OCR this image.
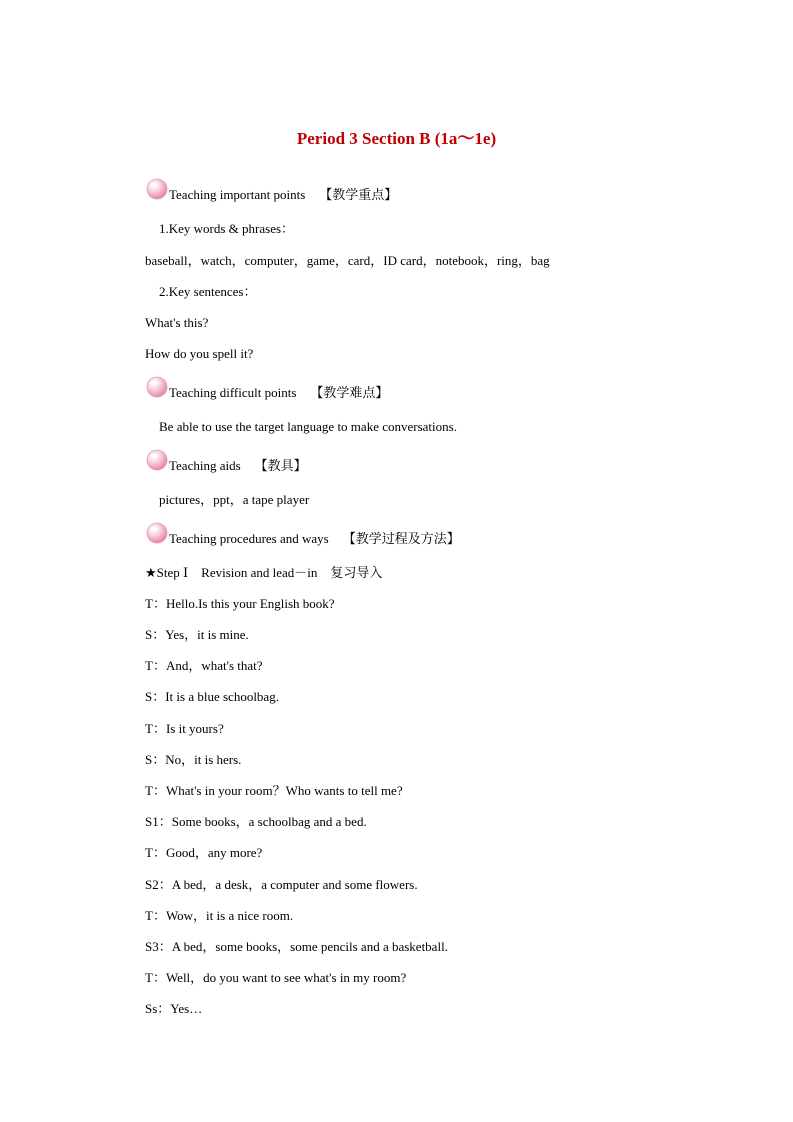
Period 3 Section B (1a～1e)
Teaching important points 【教学重点】
1.Key words & phrases：
baseball，watch，computer，game，card，ID card，notebook，ring，bag
2.Key sentences：
What's this?
How do you spell it?
Teaching difficult points 【教学难点】
Be able to use the target language to make conversations.
Teaching aids 【教具】
pictures，ppt，a tape player
Teaching procedures and ways 【教学过程及方法】
★Step Ⅰ　Revision and lead－in　复习导入
T：Hello.Is this your English book?
S：Yes，it is mine.
T：And，what's that?
S：It is a blue schoolbag.
T：Is it yours?
S：No，it is hers.
T：What's in your room？Who wants to tell me?
S1：Some books，a schoolbag and a bed.
T：Good，any more?
S2：A bed，a desk，a computer and some flowers.
T：Wow，it is a nice room.
S3：A bed，some books，some pencils and a basketball.
T：Well，do you want to see what's in my room?
Ss：Yes…
